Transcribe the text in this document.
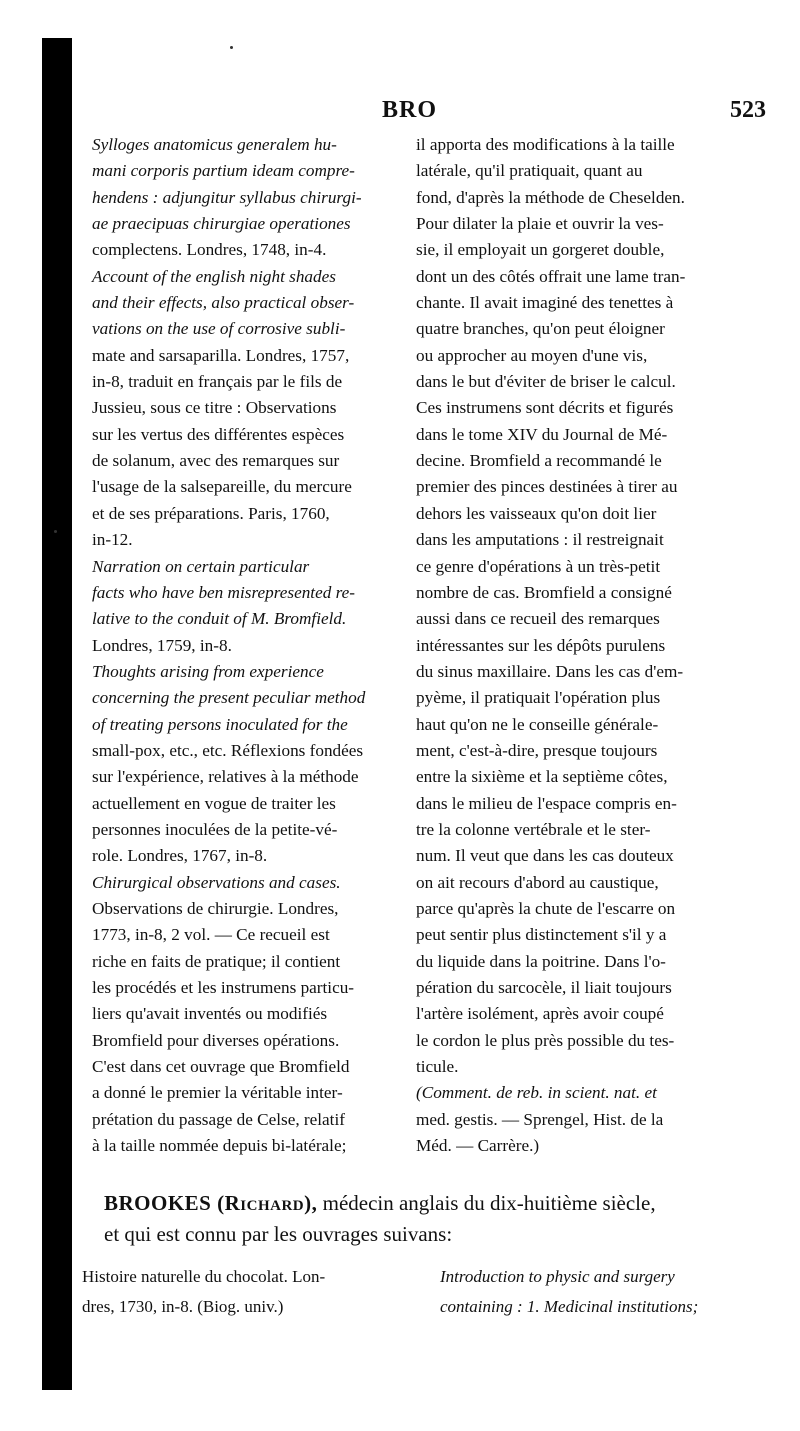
BRO	523
Sylloges anatomicus generalem hu-
mani corporis partium ideam compre-
hendens : adjungitur syllabus chirurgi-
ae praecipuas chirurgiae operationes
complectens. Londres, 1748, in-4.
Account of the english night shades
and their effects, also practical obser-
vations on the use of corrosive subli-
mate and sarsaparilla. Londres, 1757,
in-8, traduit en français par le fils de
Jussieu, sous ce titre : Observations
sur les vertus des différentes espèces
de solanum, avec des remarques sur
l'usage de la salsepareille, du mercure
et de ses préparations. Paris, 1760,
in-12.
Narration on certain particular
facts who have ben misrepresented re-
lative to the conduit of M. Bromfield.
Londres, 1759, in-8.
Thoughts arising from experience
concerning the present peculiar method
of treating persons inoculated for the
small-pox, etc., etc. Réflexions fondées
sur l'expérience, relatives à la méthode
actuellement en vogue de traiter les
personnes inoculées de la petite-vé-
role. Londres, 1767, in-8.
Chirurgical observations and cases.
Observations de chirurgie. Londres,
1773, in-8, 2 vol. — Ce recueil est
riche en faits de pratique; il contient
les procédés et les instrumens particu-
liers qu'avait inventés ou modifiés
Bromfield pour diverses opérations.
C'est dans cet ouvrage que Bromfield
a donné le premier la véritable inter-
prétation du passage de Celse, relatif
à la taille nommée depuis bi-latérale;
il apporta des modifications à la taille
latérale, qu'il pratiquait, quant au
fond, d'après la méthode de Cheselden.
Pour dilater la plaie et ouvrir la ves-
sie, il employait un gorgeret double,
dont un des côtés offrait une lame tran-
chante. Il avait imaginé des tenettes à
quatre branches, qu'on peut éloigner
ou approcher au moyen d'une vis,
dans le but d'éviter de briser le calcul.
Ces instrumens sont décrits et figurés
dans le tome XIV du Journal de Mé-
decine. Bromfield a recommandé le
premier des pinces destinées à tirer au
dehors les vaisseaux qu'on doit lier
dans les amputations : il restreignait
ce genre d'opérations à un très-petit
nombre de cas. Bromfield a consigné
aussi dans ce recueil des remarques
intéressantes sur les dépôts purulens
du sinus maxillaire. Dans les cas d'em-
pyème, il pratiquait l'opération plus
haut qu'on ne le conseille générale-
ment, c'est-à-dire, presque toujours
entre la sixième et la septième côtes,
dans le milieu de l'espace compris en-
tre la colonne vertébrale et le ster-
num. Il veut que dans les cas douteux
on ait recours d'abord au caustique,
parce qu'après la chute de l'escarre on
peut sentir plus distinctement s'il y a
du liquide dans la poitrine. Dans l'o-
pération du sarcocèle, il liait toujours
l'artère isolément, après avoir coupé
le cordon le plus près possible du tes-
ticule.
(Comment. de reb. in scient. nat. et
med. gestis. — Sprengel, Hist. de la
Méd. — Carrère.)
BROOKES (Richard), médecin anglais du dix-huitième siècle,
et qui est connu par les ouvrages suivans:
Histoire naturelle du chocolat. Lon-
dres, 1730, in-8. (Biog. univ.)
Introduction to physic and surgery
containing : 1. Medicinal institutions;
